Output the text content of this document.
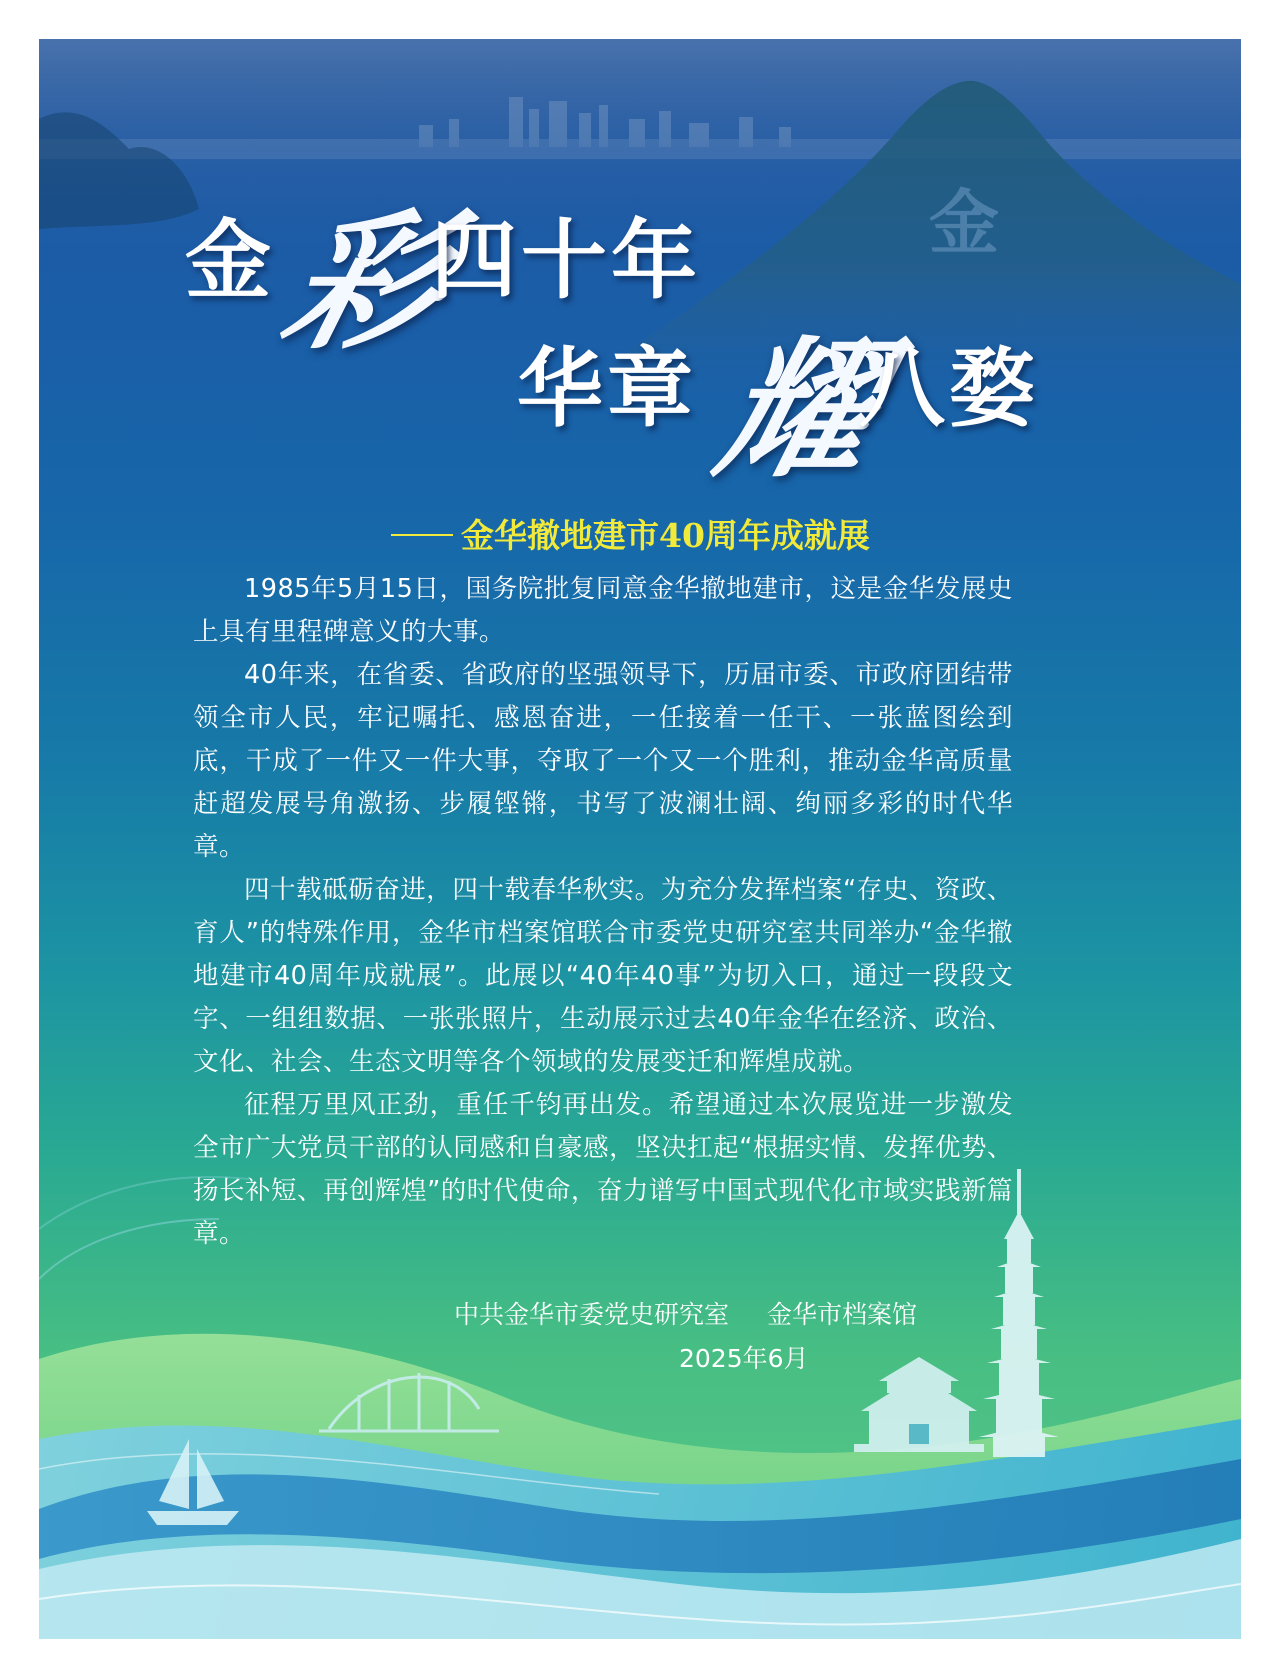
金
金
彩
四十年
华章 耀
八婺
金华撤地建市40周年成就展

1985年5月15日，国务院批复同意金华撤地建市，这是金华发展史上具有里程碑意义的大事。

40年来，在省委、省政府的坚强领导下，历届市委、市政府团结带领全市人民，牢记嘱托、感恩奋进，一任接着一任干、一张蓝图绘到底，干成了一件又一件大事，夺取了一个又一个胜利，推动金华高质量赶超发展号角激扬、步履铿锵，书写了波澜壮阔、绚丽多彩的时代华章。

四十载砥砺奋进，四十载春华秋实。为充分发挥档案“存史、资政、育人”的特殊作用，金华市档案馆联合市委党史研究室共同举办“金华撤地建市40周年成就展”。此展以“40年40事”为切入口，通过一段段文字、一组组数据、一张张照片，生动展示过去40年金华在经济、政治、文化、社会、生态文明等各个领域的发展变迁和辉煌成就。

征程万里风正劲，重任千钧再出发。希望通过本次展览进一步激发全市广大党员干部的认同感和自豪感，坚决扛起“根据实情、发挥优势、扬长补短、再创辉煌”的时代使命，奋力谱写中国式现代化市域实践新篇章。

中共金华市委党史研究室 金华市档案馆
2025年6月
